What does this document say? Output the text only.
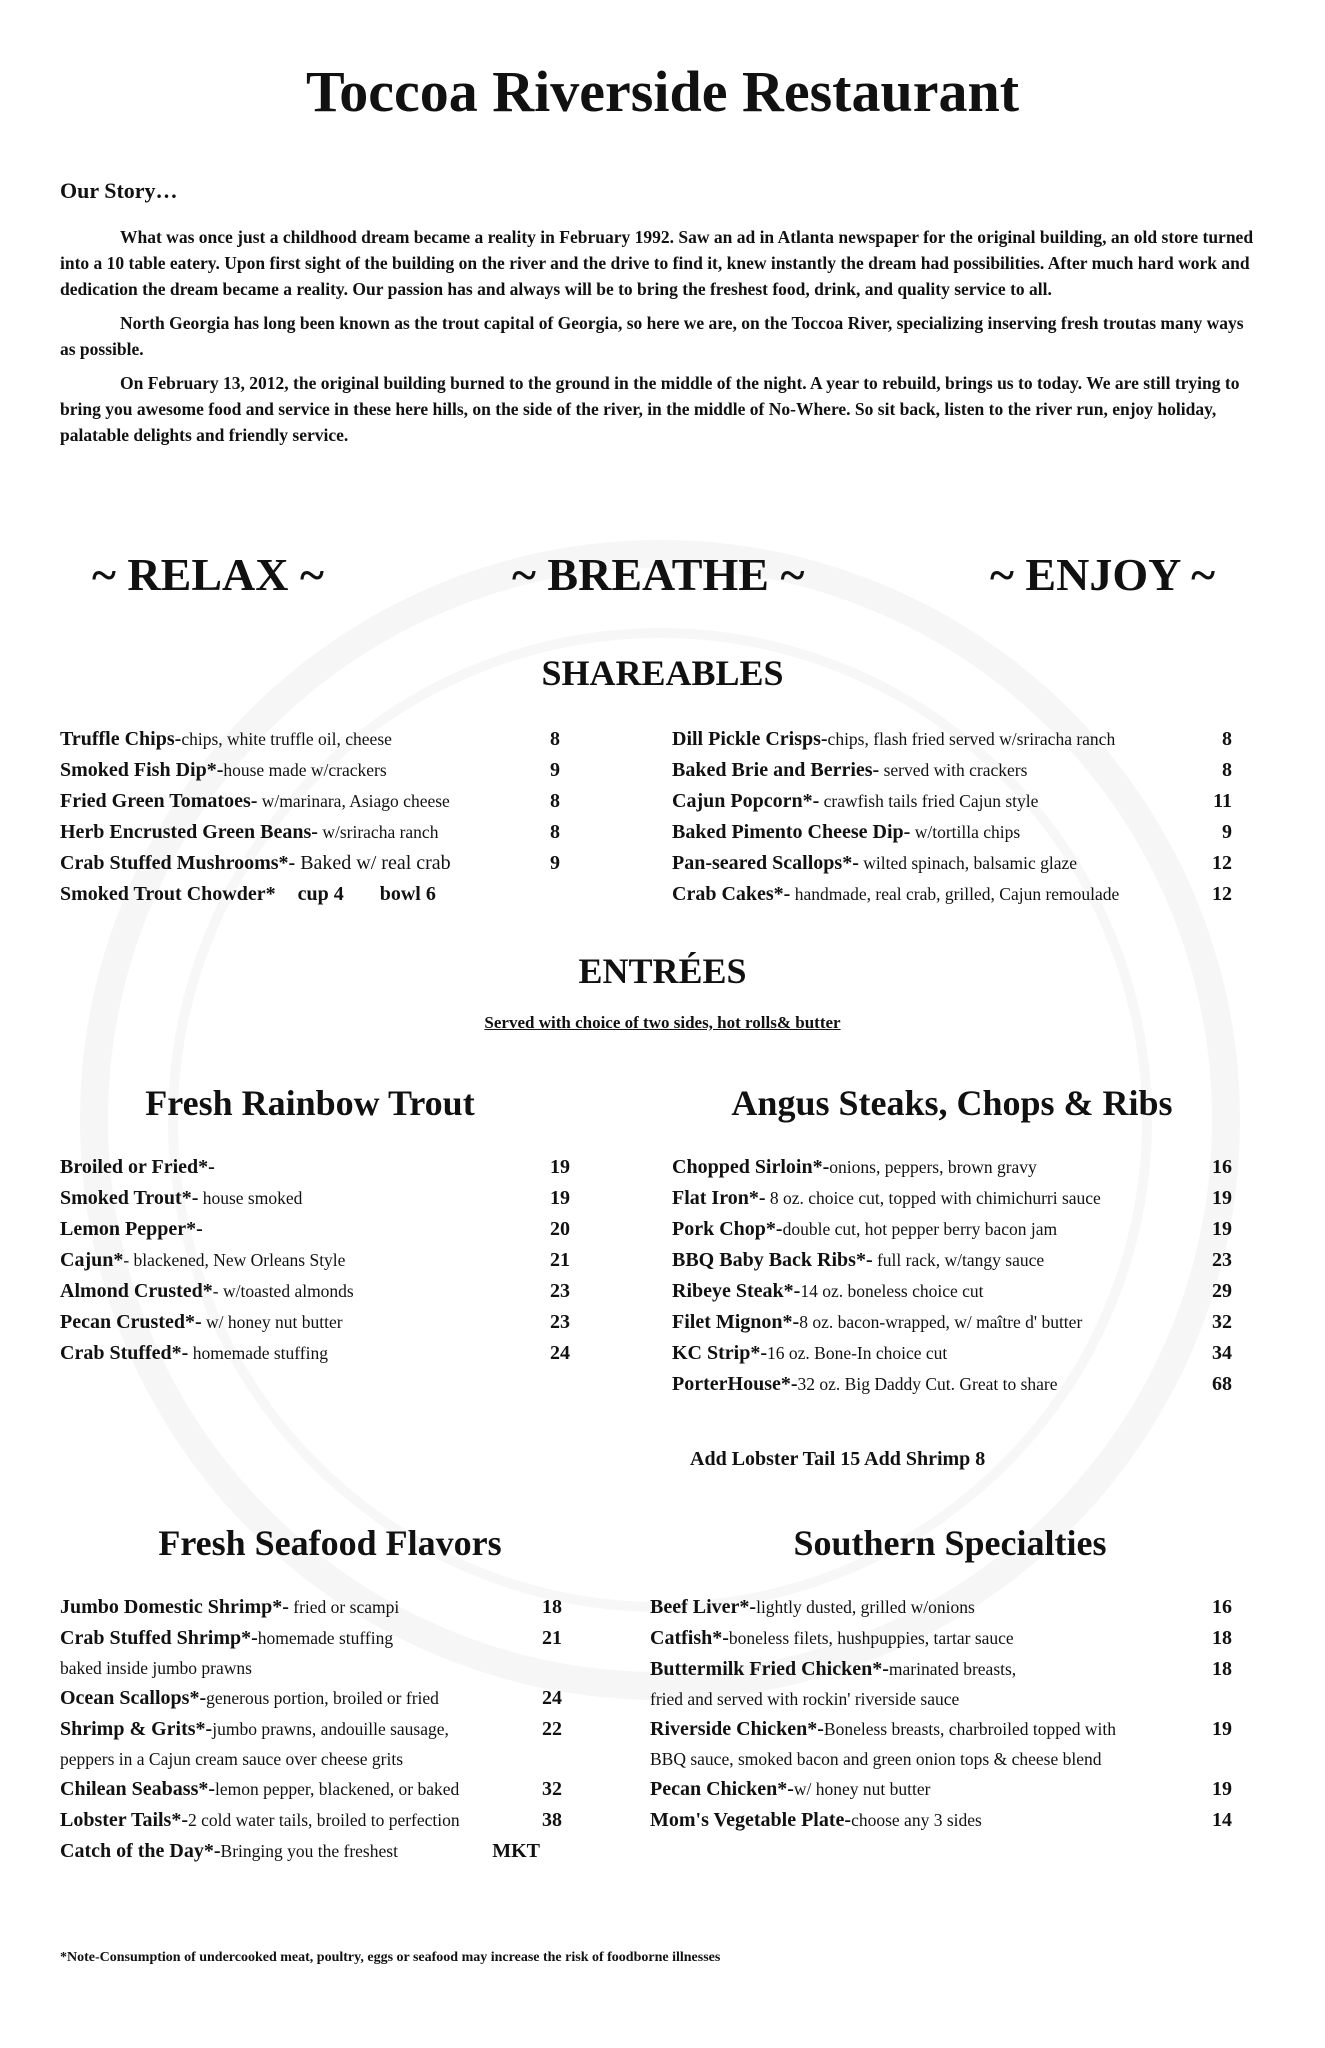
Toccoa Riverside Restaurant
Our Story…

What was once just a childhood dream became a reality in February 1992. Saw an ad in Atlanta newspaper for the original building, an old store turned into a 10 table eatery. Upon first sight of the building on the river and the drive to find it, knew instantly the dream had possibilities. After much hard work and dedication the dream became a reality. Our passion has and always will be to bring the freshest food, drink, and quality service to all.

North Georgia has long been known as the trout capital of Georgia, so here we are, on the Toccoa River, specializing inserving fresh troutas many ways as possible.

On February 13, 2012, the original building burned to the ground in the middle of the night. A year to rebuild, brings us to today. We are still trying to bring you awesome food and service in these here hills, on the side of the river, in the middle of No-Where. So sit back, listen to the river run, enjoy holiday, palatable delights and friendly service.

~ RELAX ~	~ BREATHE ~	~ ENJOY ~
SHAREABLES
Truffle Chips-chips, white truffle oil, cheese	8
Smoked Fish Dip*-house made w/crackers	9
Fried Green Tomatoes- w/marinara, Asiago cheese	8
Herb Encrusted Green Beans- w/sriracha ranch	8
Crab Stuffed Mushrooms*- Baked w/ real crab	9
Smoked Trout Chowder* cup 4 bowl 6
Dill Pickle Crisps-chips, flash fried served w/sriracha ranch	8
Baked Brie and Berries- served with crackers	8
Cajun Popcorn*- crawfish tails fried Cajun style	11
Baked Pimento Cheese Dip- w/tortilla chips	9
Pan-seared Scallops*- wilted spinach, balsamic glaze	12
Crab Cakes*- handmade, real crab, grilled, Cajun remoulade	12
ENTRÉES
Served with choice of two sides, hot rolls& butter
Fresh Rainbow Trout	Angus Steaks, Chops & Ribs
Broiled or Fried*-	19
Smoked Trout*- house smoked	19
Lemon Pepper*-	20
Cajun*- blackened, New Orleans Style	21
Almond Crusted*- w/toasted almonds	23
Pecan Crusted*- w/ honey nut butter	23
Crab Stuffed*- homemade stuffing	24
Chopped Sirloin*-onions, peppers, brown gravy	16
Flat Iron*- 8 oz. choice cut, topped with chimichurri sauce	19
Pork Chop*-double cut, hot pepper berry bacon jam	19
BBQ Baby Back Ribs*- full rack, w/tangy sauce	23
Ribeye Steak*-14 oz. boneless choice cut	29
Filet Mignon*-8 oz. bacon-wrapped, w/ maître d' butter	32
KC Strip*-16 oz. Bone-In choice cut	34
PorterHouse*-32 oz. Big Daddy Cut. Great to share	68
Add Lobster Tail 15 Add Shrimp 8
Fresh Seafood Flavors	Southern Specialties
Jumbo Domestic Shrimp*- fried or scampi	18
Crab Stuffed Shrimp*-homemade stuffing	21
baked inside jumbo prawns
Ocean Scallops*-generous portion, broiled or fried	24
Shrimp & Grits*-jumbo prawns, andouille sausage,	22
peppers in a Cajun cream sauce over cheese grits
Chilean Seabass*-lemon pepper, blackened, or baked	32
Lobster Tails*-2 cold water tails, broiled to perfection	38
Catch of the Day*-Bringing you the freshest	MKT
Beef Liver*-lightly dusted, grilled w/onions	16
Catfish*-boneless filets, hushpuppies, tartar sauce	18
Buttermilk Fried Chicken*-marinated breasts,	18
fried and served with rockin' riverside sauce
Riverside Chicken*-Boneless breasts, charbroiled topped with	19
BBQ sauce, smoked bacon and green onion tops & cheese blend
Pecan Chicken*-w/ honey nut butter	19
Mom's Vegetable Plate-choose any 3 sides	14
*Note-Consumption of undercooked meat, poultry, eggs or seafood may increase the risk of foodborne illnesses
